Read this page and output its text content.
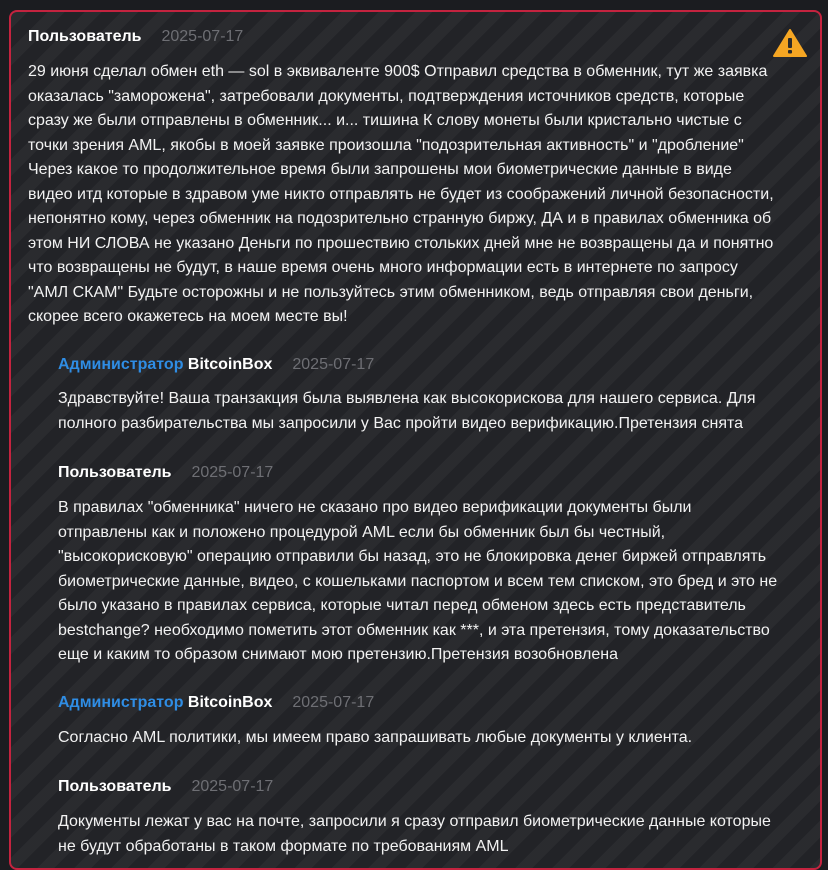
Пользователь 2025-07-17
29 июня сделал обмен eth — sol в эквиваленте 900$ Отправил средства в обменник, тут же заявка
оказалась "заморожена", затребовали документы, подтверждения источников средств, которые
сразу же были отправлены в обменник... и... тишина К слову монеты были кристально чистые с
точки зрения AML, якобы в моей заявке произошла "подозрительная активность" и "дробление"
Через какое то продолжительное время были запрошены мои биометрические данные в виде
видео итд которые в здравом уме никто отправлять не будет из соображений личной безопасности,
непонятно кому, через обменник на подозрительно странную биржу, ДА и в правилах обменника об
этом НИ СЛОВА не указано Деньги по прошествию стольких дней мне не возвращены да и понятно
что возвращены не будут, в наше время очень много информации есть в интернете по запросу
"АМЛ СКАМ" Будьте осторожны и не пользуйтесь этим обменником, ведь отправляя свои деньги,
скорее всего окажетесь на моем месте вы!
Администратор BitcoinBox 2025-07-17
Здравствуйте! Ваша транзакция была выявлена как высокорискова для нашего сервиса. Для
полного разбирательства мы запросили у Вас пройти видео верификацию.Претензия снята
Пользователь 2025-07-17
В правилах "обменника" ничего не сказано про видео верификации документы были
отправлены как и положено процедурой AML если бы обменник был бы честный,
"высокорисковую" операцию отправили бы назад, это не блокировка денег биржей отправлять
биометрические данные, видео, с кошельками паспортом и всем тем списком, это бред и это не
было указано в правилах сервиса, которые читал перед обменом здесь есть представитель
bestchange? необходимо пометить этот обменник как ***, и эта претензия, тому доказательство
еще и каким то образом снимают мою претензию.Претензия возобновлена
Администратор BitcoinBox 2025-07-17
Согласно AML политики, мы имеем право запрашивать любые документы у клиента.
Пользователь 2025-07-17
Документы лежат у вас на почте, запросили я сразу отправил биометрические данные которые
не будут обработаны в таком формате по требованиям AML
